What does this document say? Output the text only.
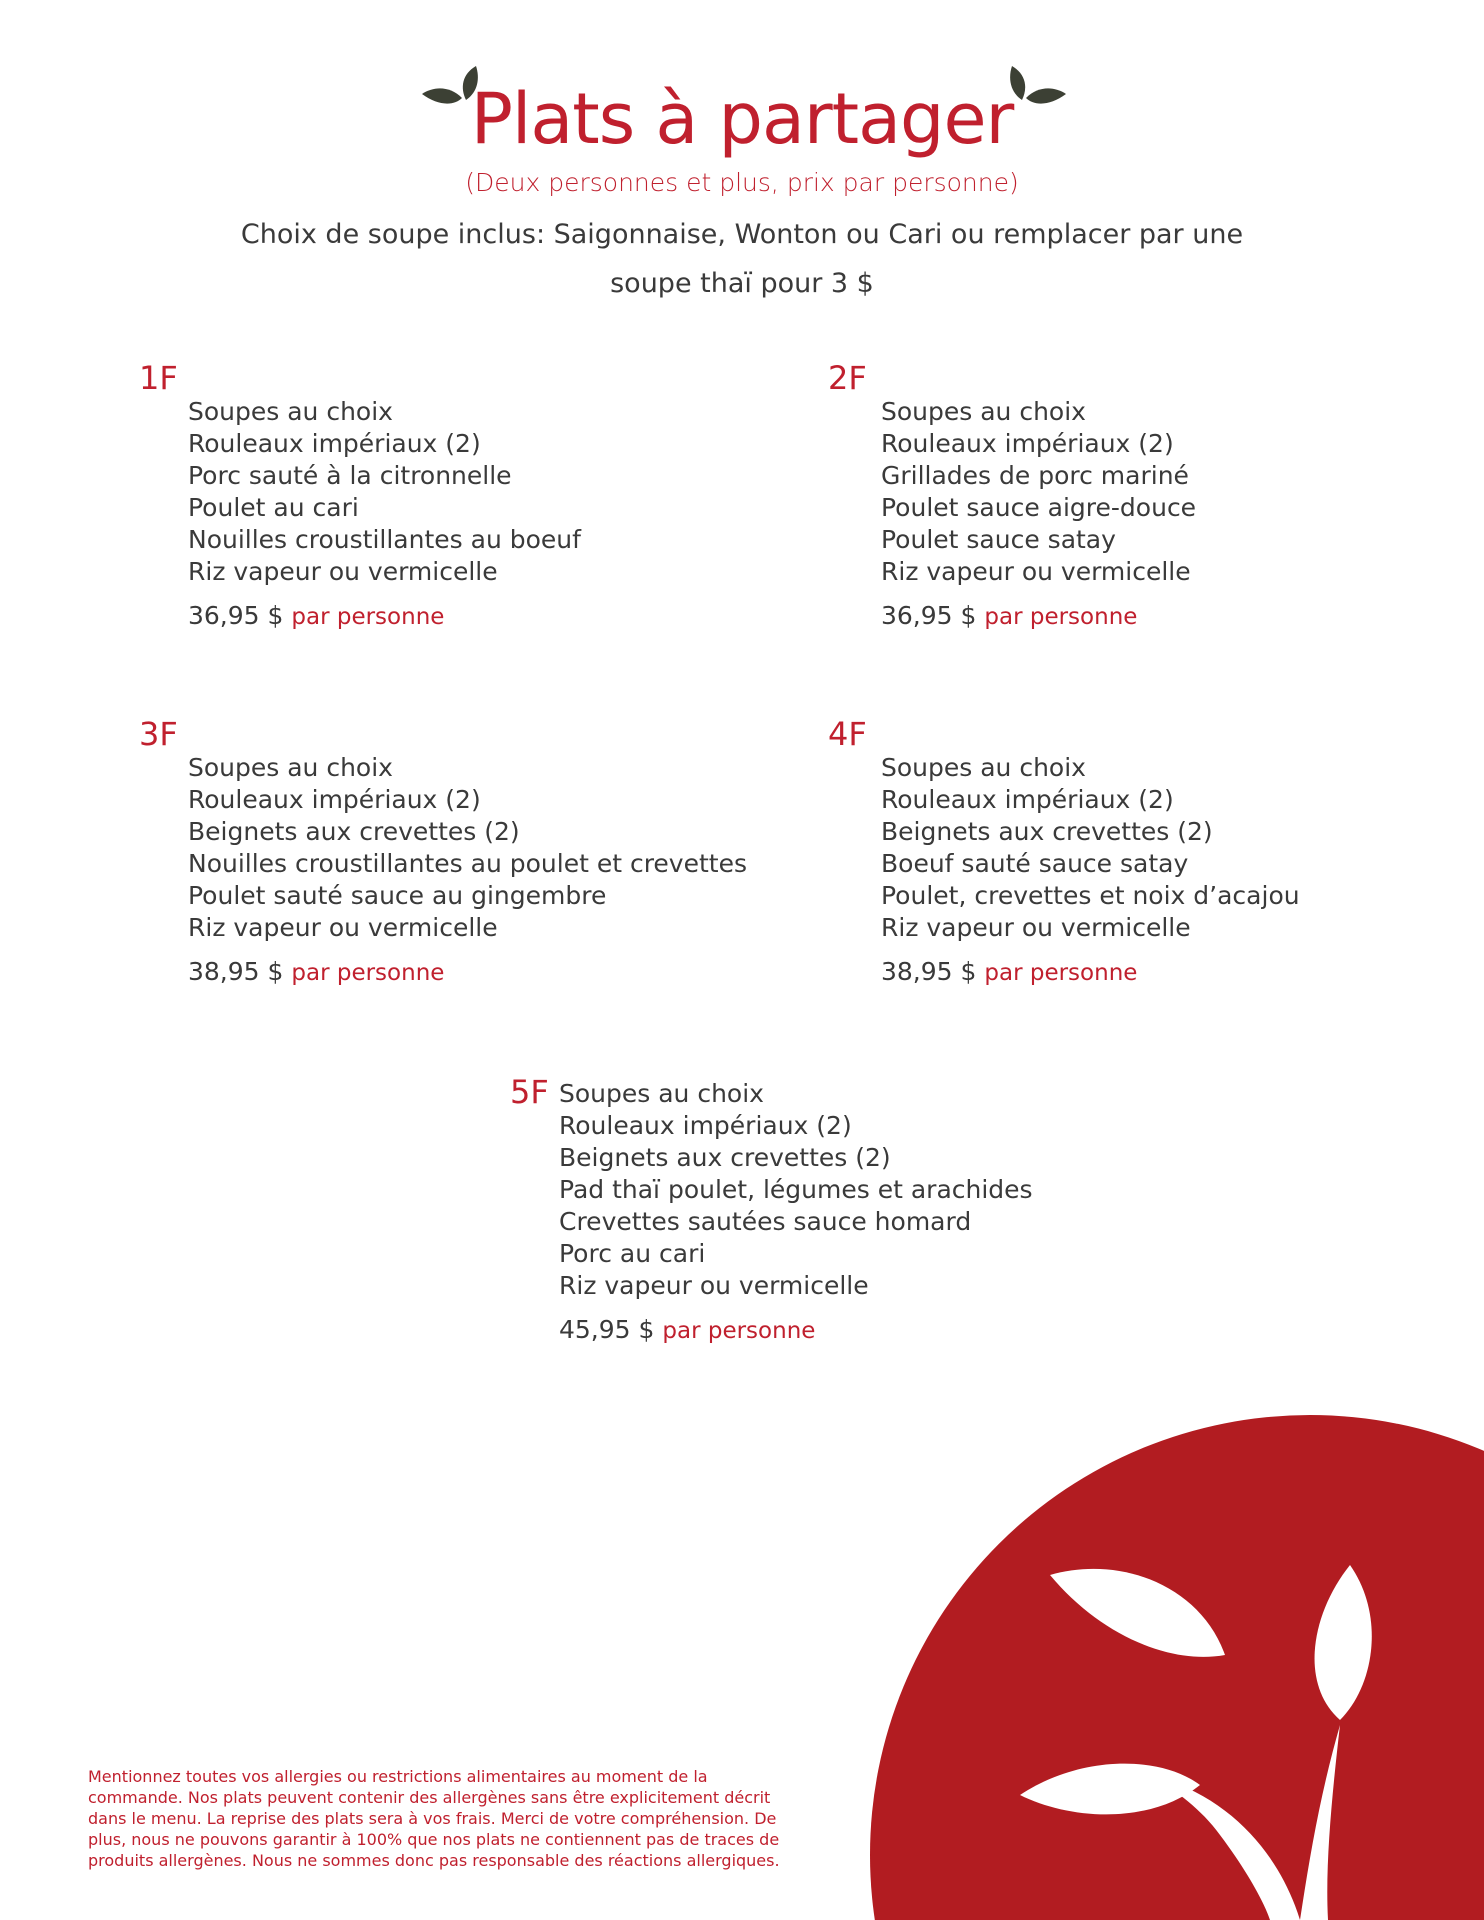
Plats à partager
(Deux personnes et plus, prix par personne)
Choix de soupe inclus: Saigonnaise, Wonton ou Cari ou remplacer par une soupe thaï pour 3 $
1F
Soupes au choix
Rouleaux impériaux (2)
Porc sauté à la citronnelle
Poulet au cari
Nouilles croustillantes au boeuf
Riz vapeur ou vermicelle
36,95 $ par personne
2F
Soupes au choix
Rouleaux impériaux (2)
Grillades de porc mariné
Poulet sauce aigre-douce
Poulet sauce satay
Riz vapeur ou vermicelle
36,95 $ par personne
3F
Soupes au choix
Rouleaux impériaux (2)
Beignets aux crevettes (2)
Nouilles croustillantes au poulet et crevettes
Poulet sauté sauce au gingembre
Riz vapeur ou vermicelle
38,95 $ par personne
4F
Soupes au choix
Rouleaux impériaux (2)
Beignets aux crevettes (2)
Boeuf sauté sauce satay
Poulet, crevettes et noix d’acajou
Riz vapeur ou vermicelle
38,95 $ par personne
5F Soupes au choix
Rouleaux impériaux (2)
Beignets aux crevettes (2)
Pad thaï poulet, légumes et arachides
Crevettes sautées sauce homard
Porc au cari
Riz vapeur ou vermicelle
45,95 $ par personne
Mentionnez toutes vos allergies ou restrictions alimentaires au moment de la commande. Nos plats peuvent contenir des allergènes sans être explicitement décrit dans le menu. La reprise des plats sera à vos frais. Merci de votre compréhension. De plus, nous ne pouvons garantir à 100% que nos plats ne contiennent pas de traces de produits allergènes. Nous ne sommes donc pas responsable des réactions allergiques.
